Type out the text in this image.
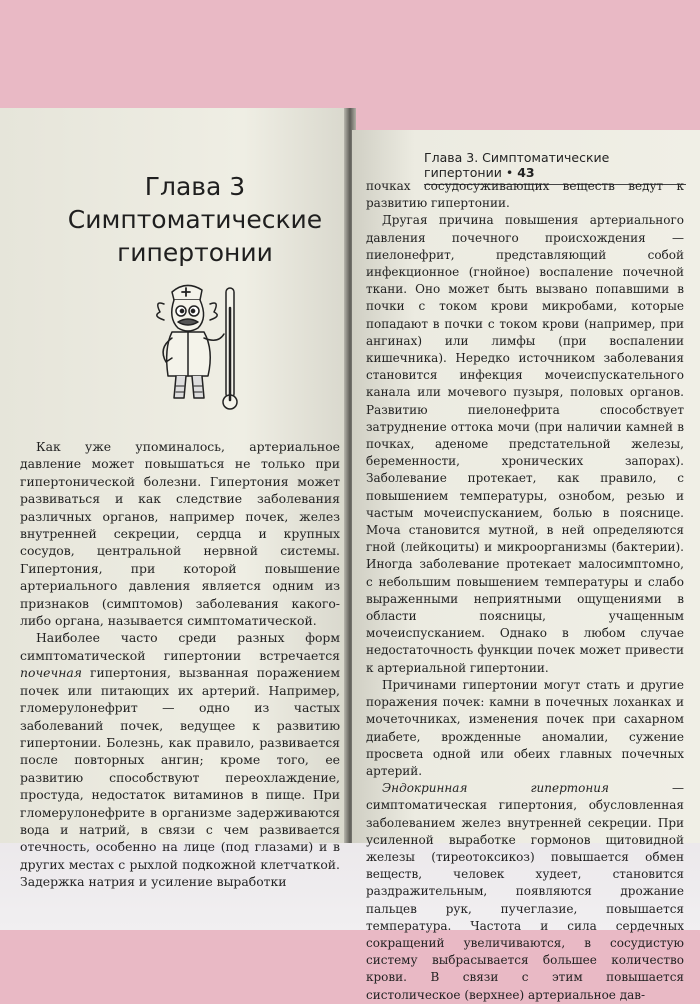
Глава 3
Симптоматические
гипертонии

Как уже упоминалось, артериальное давление может повышаться не только при гипертонической болезни. Гипертония может развиваться и как следствие заболевания различных органов, например почек, желез внутренней секреции, сердца и крупных сосудов, центральной нервной системы. Гипертония, при которой повышение артериального давления является одним из признаков (симптомов) заболевания какого-либо органа, называется симптоматической.

Наиболее часто среди разных форм симптоматической гипертонии встречается почечная гипертония, вызванная поражением почек или питающих их артерий. Например, гломерулонефрит — одно из частых заболеваний почек, ведущее к развитию гипертонии. Болезнь, как правило, развивается после повторных ангин; кроме того, ее развитию способствуют переохлаждение, простуда, недостаток витаминов в пище. При гломерулонефрите в организме задерживаются вода и натрий, в связи с чем развивается отечность, особенно на лице (под глазами) и в других местах с рыхлой подкожной клетчаткой. Задержка натрия и усиление выработки

Глава 3. Симптоматические гипертонии • 43

почках сосудосуживающих веществ ведут к развитию гипертонии.

Другая причина повышения артериального давления почечного происхождения — пиелонефрит, представляющий собой инфекционное (гнойное) воспаление почечной ткани. Оно может быть вызвано попавшими в почки с током крови микробами, которые попадают в почки с током крови (например, при ангинах) или лимфы (при воспалении кишечника). Нередко источником заболевания становится инфекция мочеиспускательного канала или мочевого пузыря, половых органов. Развитию пиелонефрита способствует затруднение оттока мочи (при наличии камней в почках, аденоме предстательной железы, беременности, хронических запорах). Заболевание протекает, как правило, с повышением температуры, ознобом, резью и частым мочеиспусканием, болью в пояснице. Моча становится мутной, в ней определяются гной (лейкоциты) и микроорганизмы (бактерии). Иногда заболевание протекает малосимптомно, с небольшим повышением температуры и слабо выраженными неприятными ощущениями в области поясницы, учащенным мочеиспусканием. Однако в любом случае недостаточность функции почек может привести к артериальной гипертонии.

Причинами гипертонии могут стать и другие поражения почек: камни в почечных лоханках и мочеточниках, изменения почек при сахарном диабете, врожденные аномалии, сужение просвета одной или обеих главных почечных артерий.

Эндокринная гипертония — симптоматическая гипертония, обусловленная заболеванием желез внутренней секреции. При усиленной выработке гормонов щитовидной железы (тиреотоксикоз) повышается обмен веществ, человек худеет, становится раздражительным, появляются дрожание пальцев рук, пучеглазие, повышается температура. Частота и сила сердечных сокращений увеличиваются, в сосудистую систему выбрасывается большее количество крови. В связи с этим повышается систолическое (верхнее) артериальное дав-
